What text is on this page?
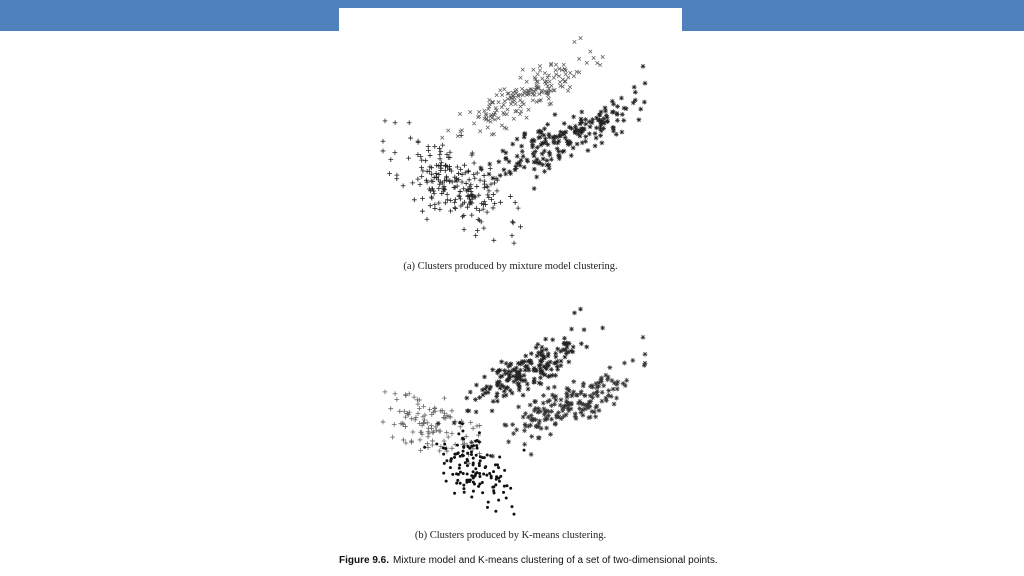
(a) Clusters produced by mixture model clustering.
(b) Clusters produced by K-means clustering.
Figure 9.6. Mixture model and K-means clustering of a set of two-dimensional points.
